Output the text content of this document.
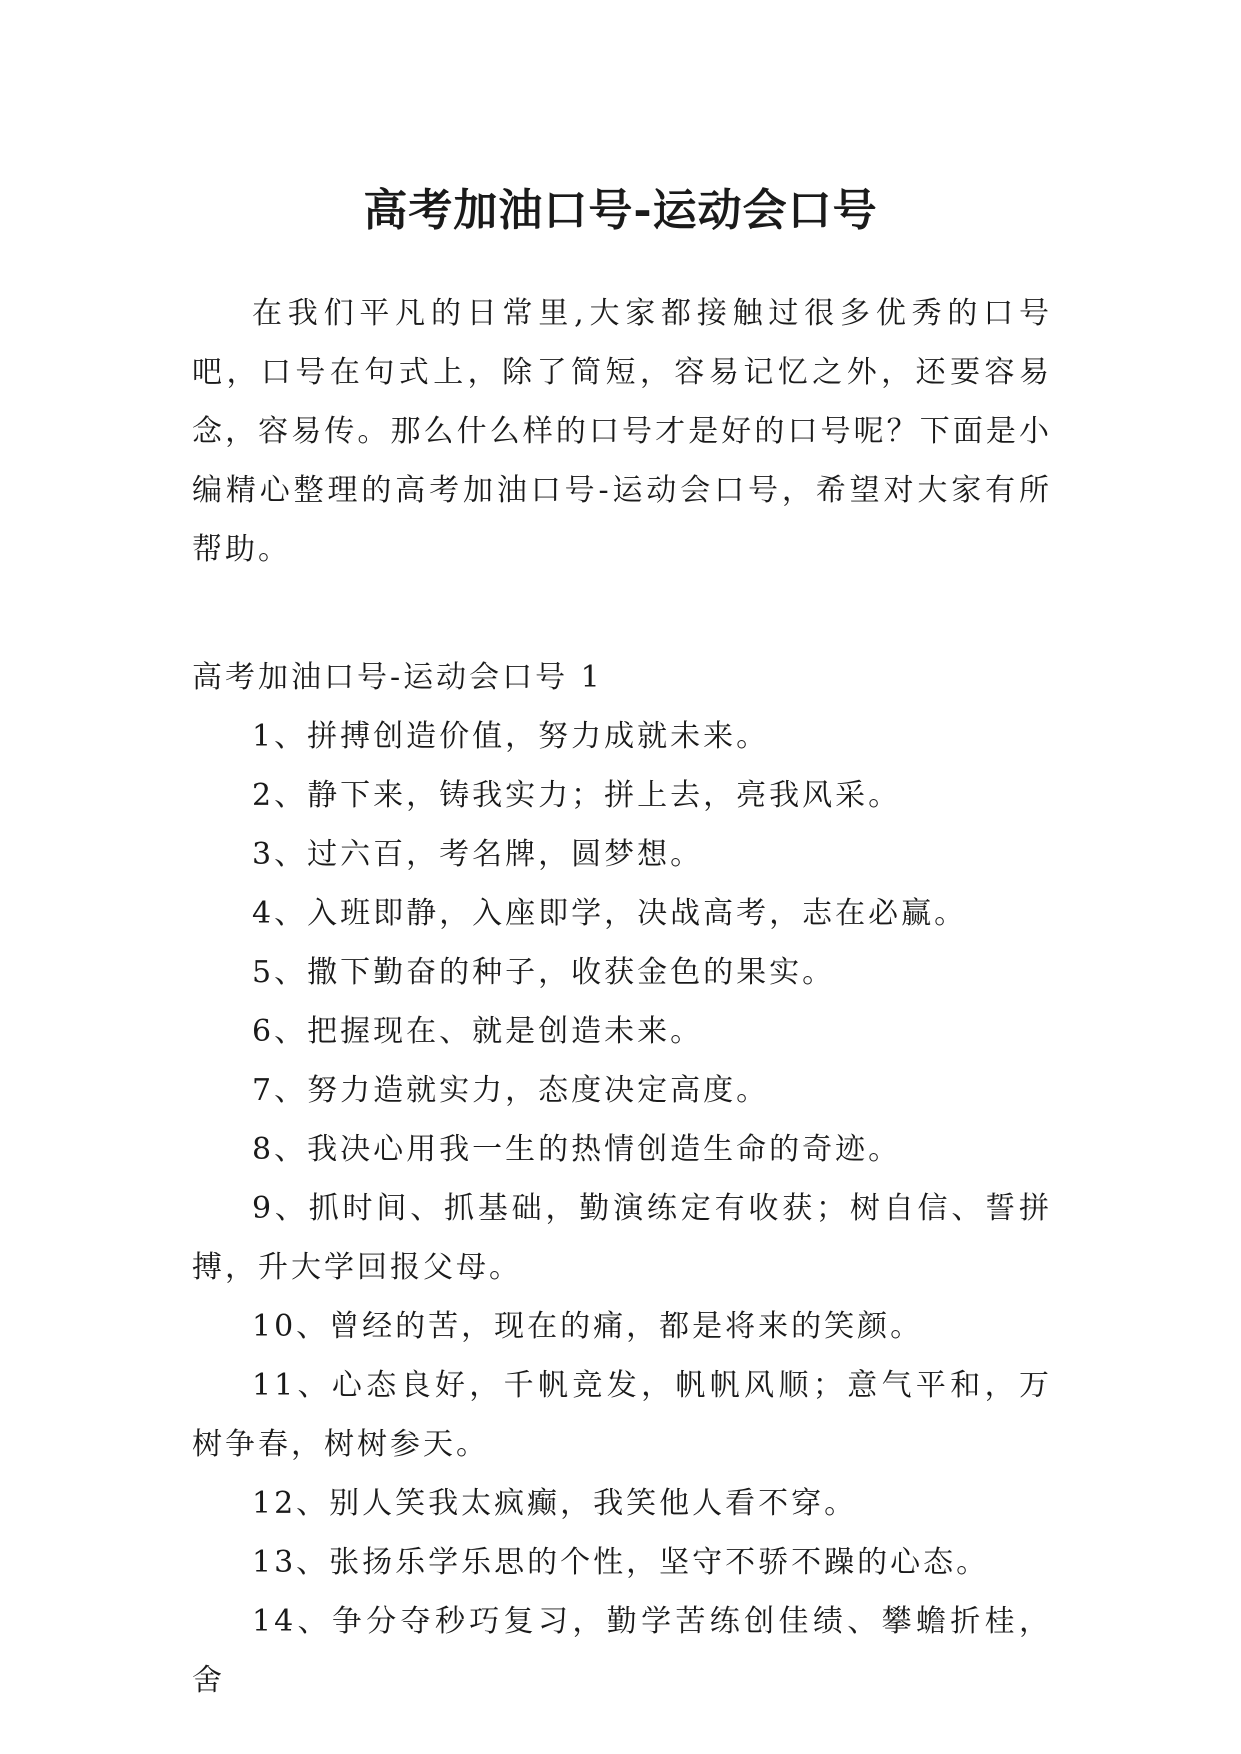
高考加油口号-运动会口号

在我们平凡的日常里,大家都接触过很多优秀的口号吧，口号在句式上，除了简短，容易记忆之外，还要容易念，容易传。那么什么样的口号才是好的口号呢？下面是小编精心整理的高考加油口号-运动会口号，希望对大家有所帮助。

高考加油口号-运动会口号 1

1、拼搏创造价值，努力成就未来。

2、静下来，铸我实力；拼上去，亮我风采。

3、过六百，考名牌，圆梦想。

4、入班即静，入座即学，决战高考，志在必赢。

5、撒下勤奋的种子，收获金色的果实。

6、把握现在、就是创造未来。

7、努力造就实力，态度决定高度。

8、我决心用我一生的热情创造生命的奇迹。

9、抓时间、抓基础，勤演练定有收获；树自信、誓拼搏，升大学回报父母。

10、曾经的苦，现在的痛，都是将来的笑颜。

11、心态良好，千帆竞发，帆帆风顺；意气平和，万树争春，树树参天。

12、别人笑我太疯癫，我笑他人看不穿。

13、张扬乐学乐思的个性，坚守不骄不躁的心态。

14、争分夺秒巧复习，勤学苦练创佳绩、攀蟾折桂，舍
